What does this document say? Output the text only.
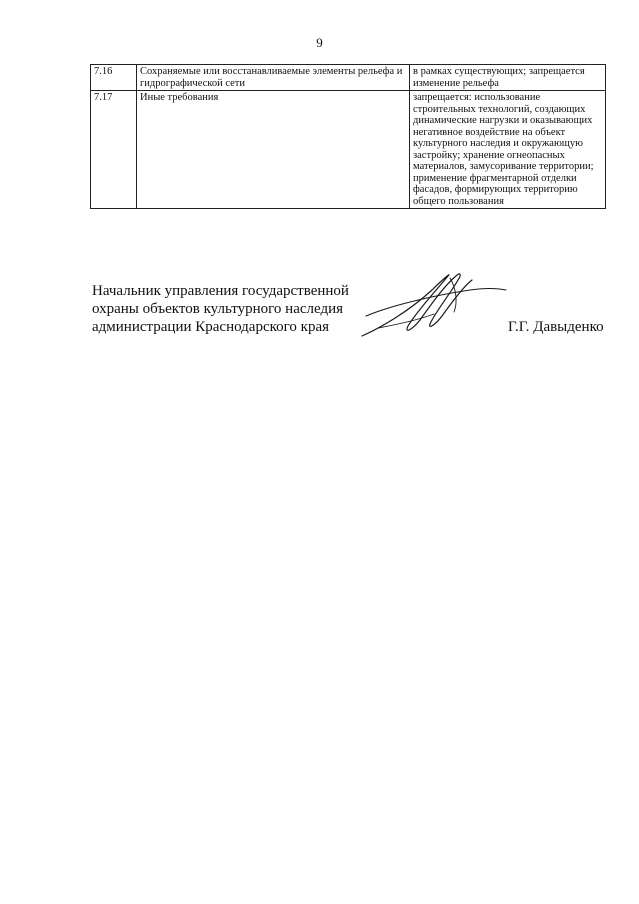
9
7.16	Сохраняемые или восстанавливаемые элементы рельефа и гидрографической сети	в рамках существующих; запрещается изменение рельефа
7.17	Иные требования	запрещается: использование строительных технологий, создающих динамические нагрузки и оказывающих негативное воздействие на объект культурного наследия и окружающую застройку; хранение огнеопасных материалов, замусоривание территории; применение фрагментарной отделки фасадов, формирующих территорию общего пользования
Начальник управления государственной
охраны объектов культурного наследия
администрации Краснодарского края	Г.Г. Давыденко
